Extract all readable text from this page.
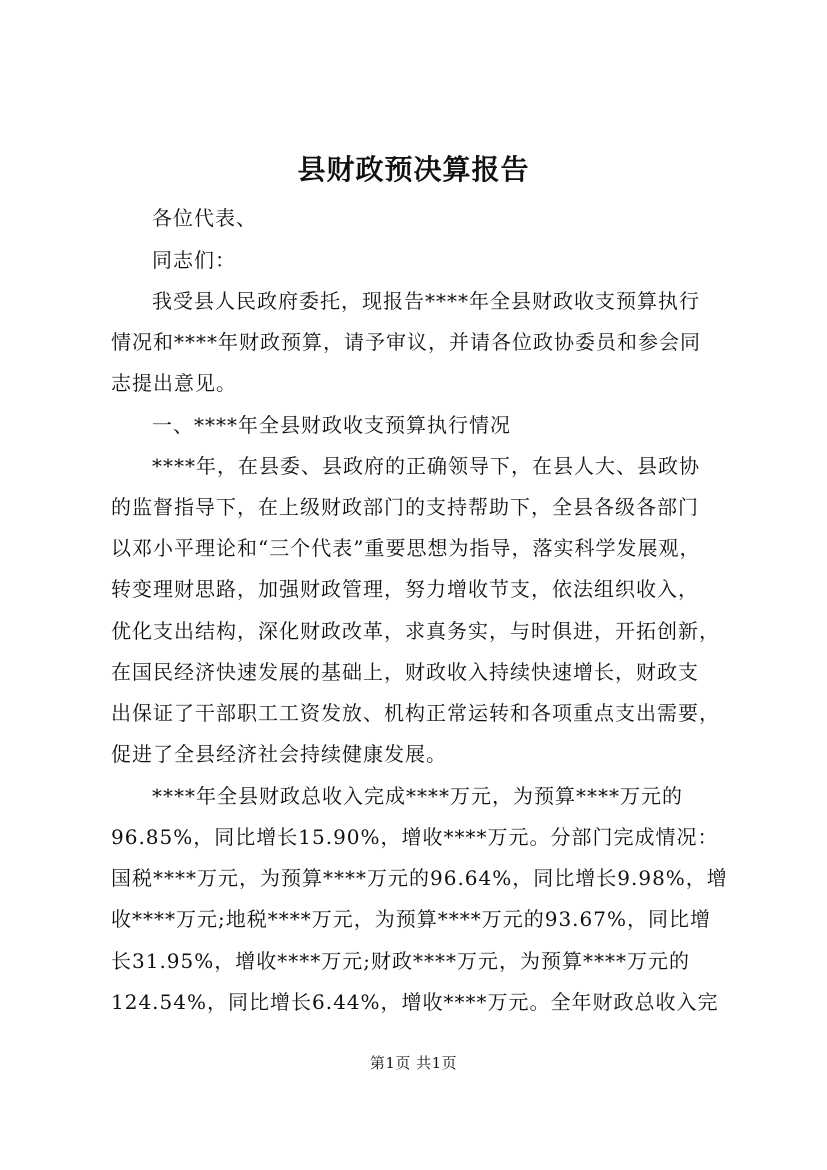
县财政预决算报告
各位代表、
同志们：
我受县人民政府委托，现报告****年全县财政收支预算执行
情况和****年财政预算，请予审议，并请各位政协委员和参会同
志提出意见。
一、****年全县财政收支预算执行情况
****年，在县委、县政府的正确领导下，在县人大、县政协
的监督指导下，在上级财政部门的支持帮助下，全县各级各部门
以邓小平理论和“三个代表”重要思想为指导，落实科学发展观，
转变理财思路，加强财政管理，努力增收节支，依法组织收入，
优化支出结构，深化财政改革，求真务实，与时俱进，开拓创新，
在国民经济快速发展的基础上，财政收入持续快速增长，财政支
出保证了干部职工工资发放、机构正常运转和各项重点支出需要，
促进了全县经济社会持续健康发展。
****年全县财政总收入完成****万元，为预算****万元的
96.85%，同比增长15.90%，增收****万元。分部门完成情况：
国税****万元，为预算****万元的96.64%，同比增长9.98%，增
收****万元;地税****万元，为预算****万元的93.67%，同比增
长31.95%，增收****万元;财政****万元，为预算****万元的
124.54%，同比增长6.44%，增收****万元。全年财政总收入完
第1页 共1页
